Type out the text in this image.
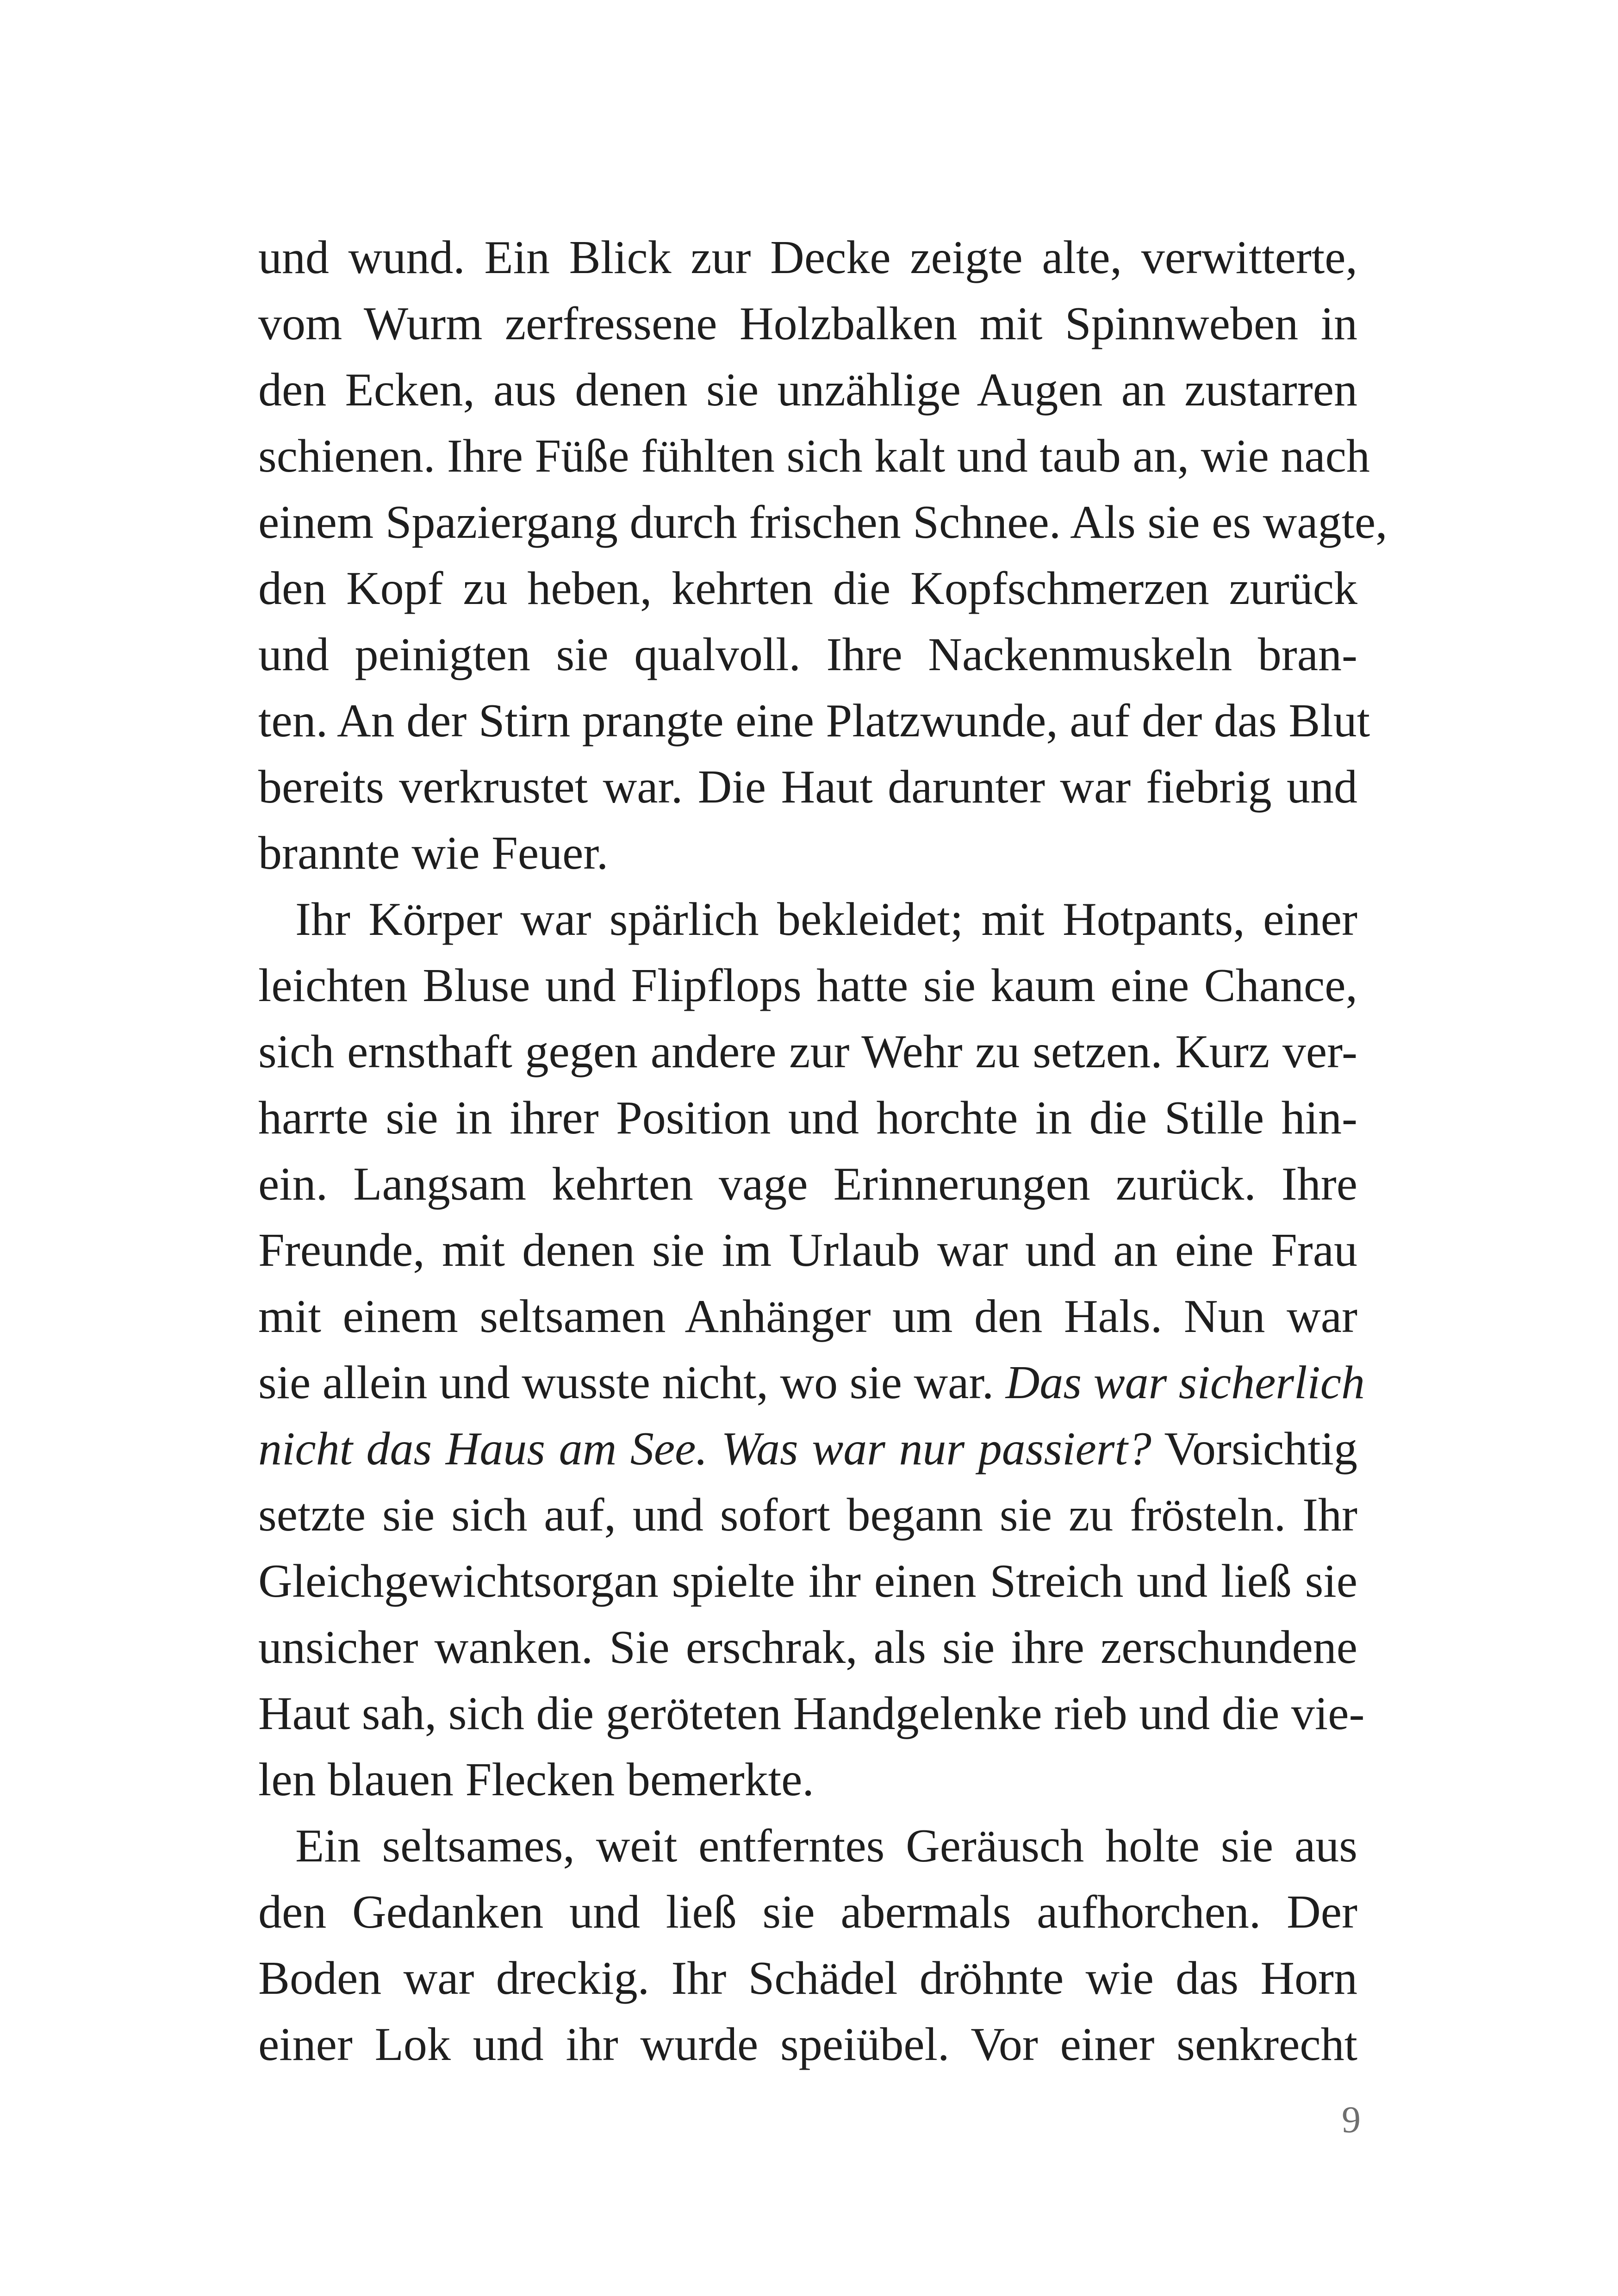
und wund. Ein Blick zur Decke zeigte alte, verwitterte,
vom Wurm zerfressene Holzbalken mit Spinnweben in
den Ecken, aus denen sie unzählige Augen an zustarren
schienen. Ihre Füße fühlten sich kalt und taub an, wie nach
einem Spaziergang durch frischen Schnee. Als sie es wagte,
den Kopf zu heben, kehrten die Kopfschmerzen zurück
und peinigten sie qualvoll. Ihre Nackenmuskeln bran-
ten. An der Stirn prangte eine Platzwunde, auf der das Blut
bereits verkrustet war. Die Haut darunter war fiebrig und
brannte wie Feuer.
Ihr Körper war spärlich bekleidet; mit Hotpants, einer
leichten Bluse und Flipflops hatte sie kaum eine Chance,
sich ernsthaft gegen andere zur Wehr zu setzen. Kurz ver-
harrte sie in ihrer Position und horchte in die Stille hin-
ein. Langsam kehrten vage Erinnerungen zurück. Ihre
Freunde, mit denen sie im Urlaub war und an eine Frau
mit einem seltsamen Anhänger um den Hals. Nun war
sie allein und wusste nicht, wo sie war. Das war sicherlich
nicht das Haus am See. Was war nur passiert? Vorsichtig
setzte sie sich auf, und sofort begann sie zu frösteln. Ihr
Gleichgewichtsorgan spielte ihr einen Streich und ließ sie
unsicher wanken. Sie erschrak, als sie ihre zerschundene
Haut sah, sich die geröteten Handgelenke rieb und die vie-
len blauen Flecken bemerkte.
Ein seltsames, weit entferntes Geräusch holte sie aus
den Gedanken und ließ sie abermals aufhorchen. Der
Boden war dreckig. Ihr Schädel dröhnte wie das Horn
einer Lok und ihr wurde speiübel. Vor einer senkrecht
9
